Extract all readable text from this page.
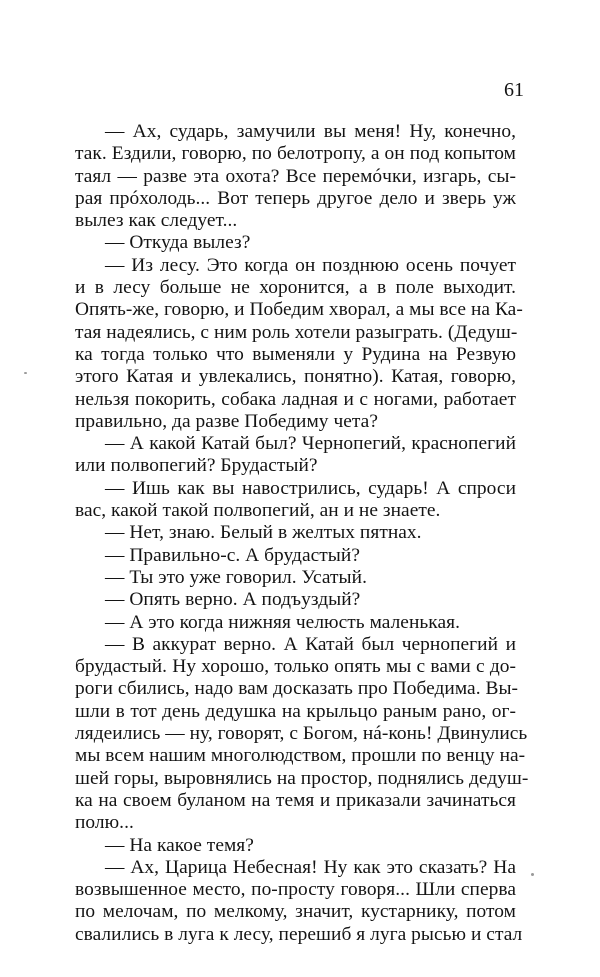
61
— Ах, сударь, замучили вы меня! Ну, конечно,
так. Ездили, говорю, по белотропу, а он под копытом
таял — разве эта охота? Все перемóчки, изгарь, сы-
рая прóхолодь... Вот теперь другое дело и зверь уж
вылез как следует...
— Откуда вылез?
— Из лесу. Это когда он позднюю осень почует
и в лесу больше не хоронится, а в поле выходит.
Опять-же, говорю, и Победим хворал, а мы все на Ка-
тая надеялись, с ним роль хотели разыграть. (Дедуш-
ка тогда только что выменяли у Рудина на Резвую
этого Катая и увлекались, понятно). Катая, говорю,
нельзя покорить, собака ладная и с ногами, работает
правильно, да разве Победиму чета?
— А какой Катай был? Чернопегий, краснопегий
или полвопегий? Брудастый?
— Ишь как вы навострились, сударь! А спроси
вас, какой такой полвопегий, ан и не знаете.
— Нет, знаю. Белый в желтых пятнах.
— Правильно-с. А брудастый?
— Ты это уже говорил. Усатый.
— Опять верно. А подъуздый?
— А это когда нижняя челюсть маленькая.
— В аккурат верно. А Катай был чернопегий и
брудастый. Ну хорошо, только опять мы с вами с до-
роги сбились, надо вам досказать про Победима. Вы-
шли в тот день дедушка на крыльцо раным рано, ог-
лядеились — ну, говорят, с Богом, нá-конь! Двинулись
мы всем нашим многолюдством, прошли по венцу на-
шей горы, выровнялись на простор, поднялись дедуш-
ка на своем буланом на темя и приказали зачинаться
полю...
— На какое темя?
— Ах, Царица Небесная! Ну как это сказать? На
возвышенное место, по-просту говоря... Шли сперва
по мелочам, по мелкому, значит, кустарнику, потом
свалились в луга к лесу, перешиб я луга рысью и стал
